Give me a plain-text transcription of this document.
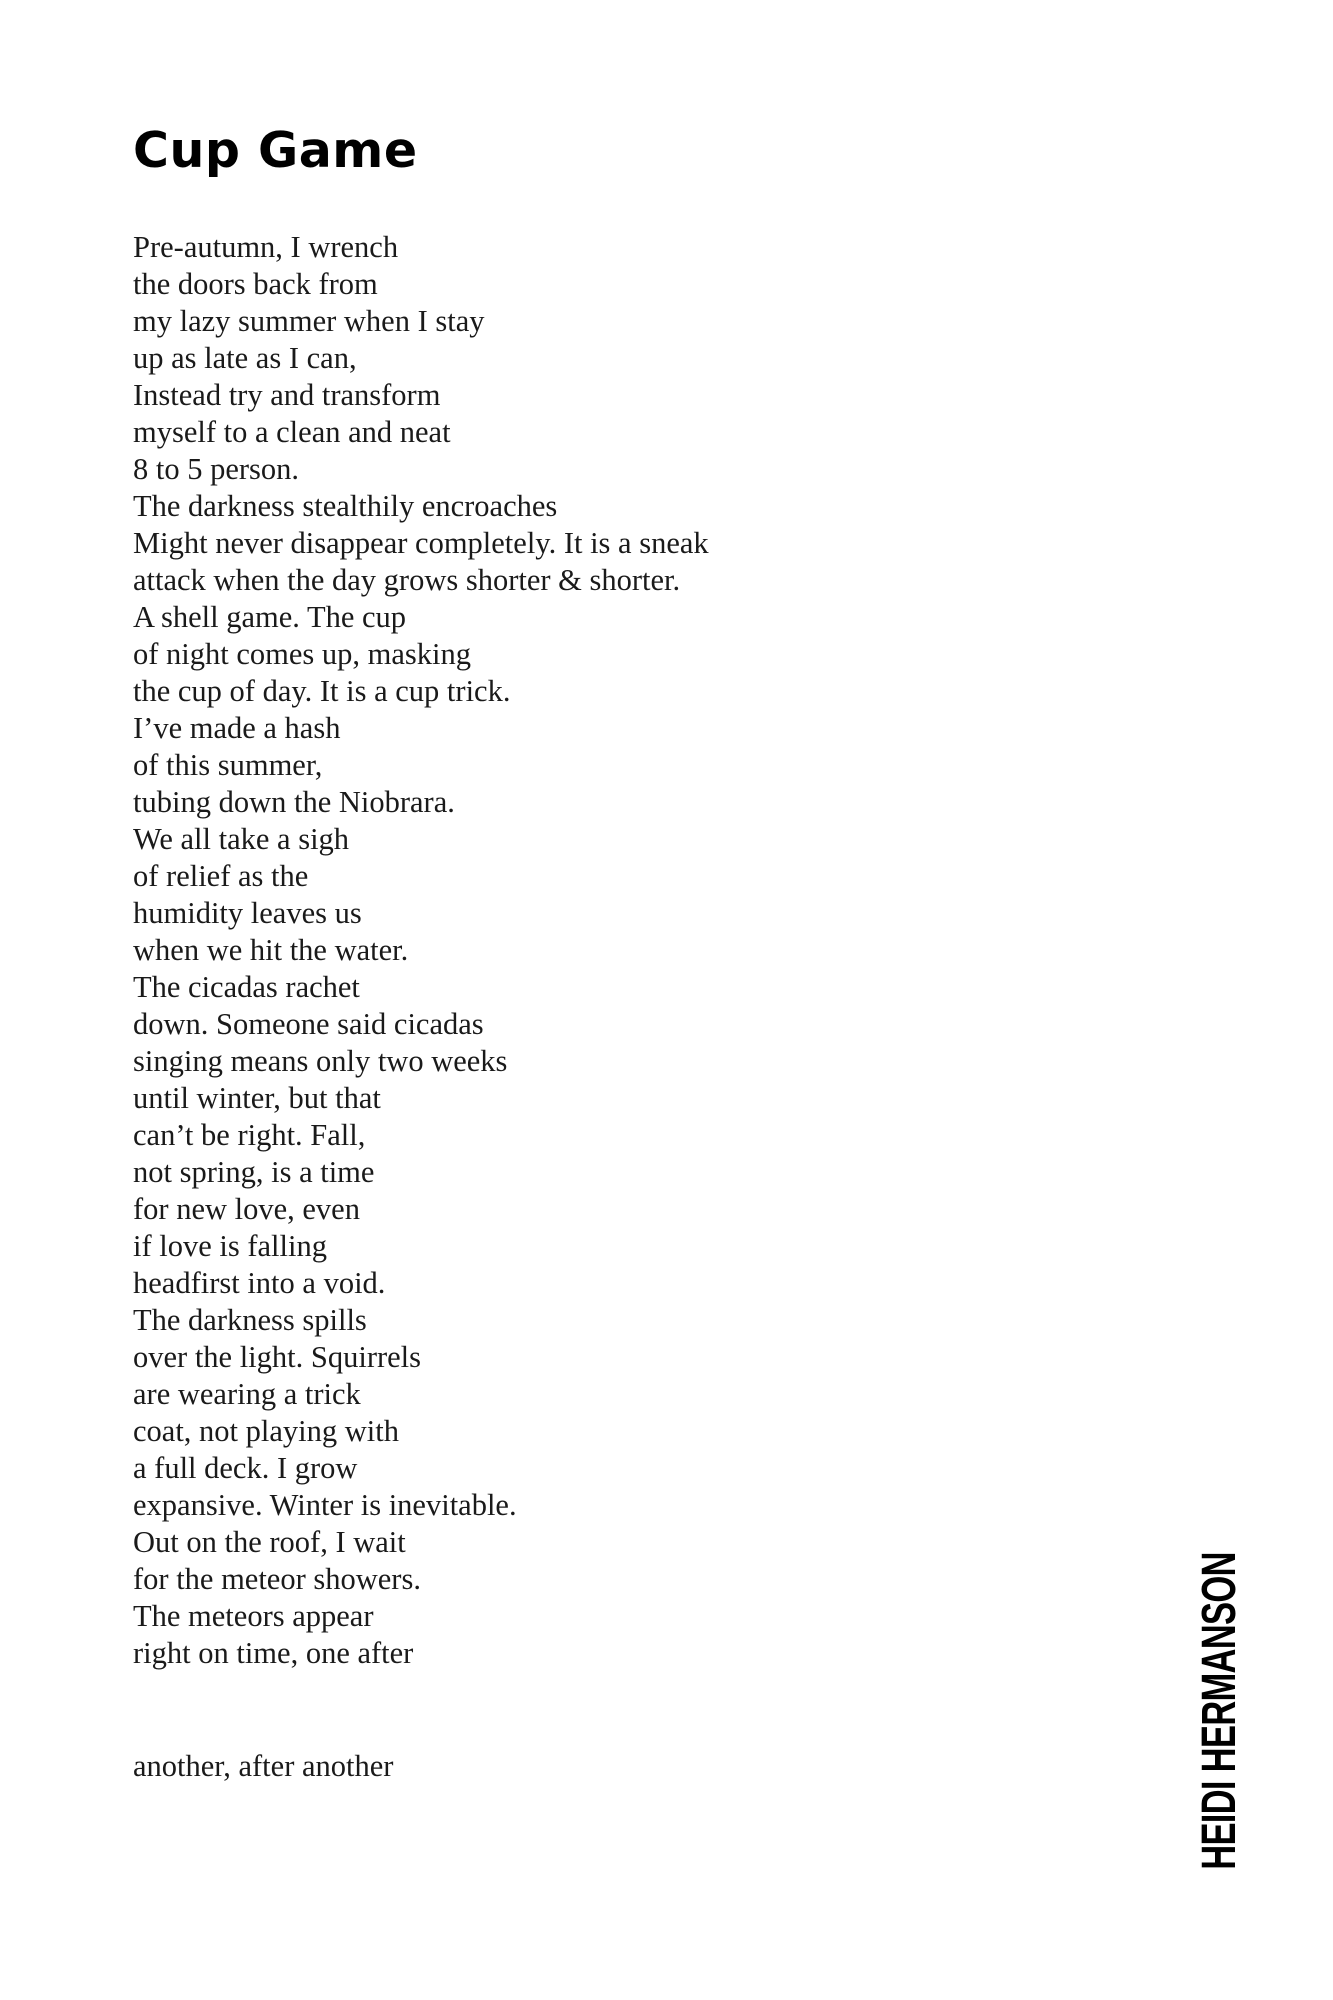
Cup Game
Pre-autumn, I wrench
the doors back from
my lazy summer when I stay
up as late as I can,
Instead try and transform
myself to a clean and neat
8 to 5 person.
The darkness stealthily encroaches
Might never disappear completely. It is a sneak
attack when the day grows shorter & shorter.
A shell game. The cup
of night comes up, masking
the cup of day. It is a cup trick.
I’ve made a hash
of this summer,
tubing down the Niobrara.
We all take a sigh
of relief as the
humidity leaves us
when we hit the water.
The cicadas rachet
down. Someone said cicadas
singing means only two weeks
until winter, but that
can’t be right. Fall,
not spring, is a time
for new love, even
if love is falling
headfirst into a void.
The darkness spills
over the light. Squirrels
are wearing a trick
coat, not playing with
a full deck. I grow
expansive. Winter is inevitable.
Out on the roof, I wait
for the meteor showers.
The meteors appear
right on time, one after
another, after another	HEIDI HERMANSON
